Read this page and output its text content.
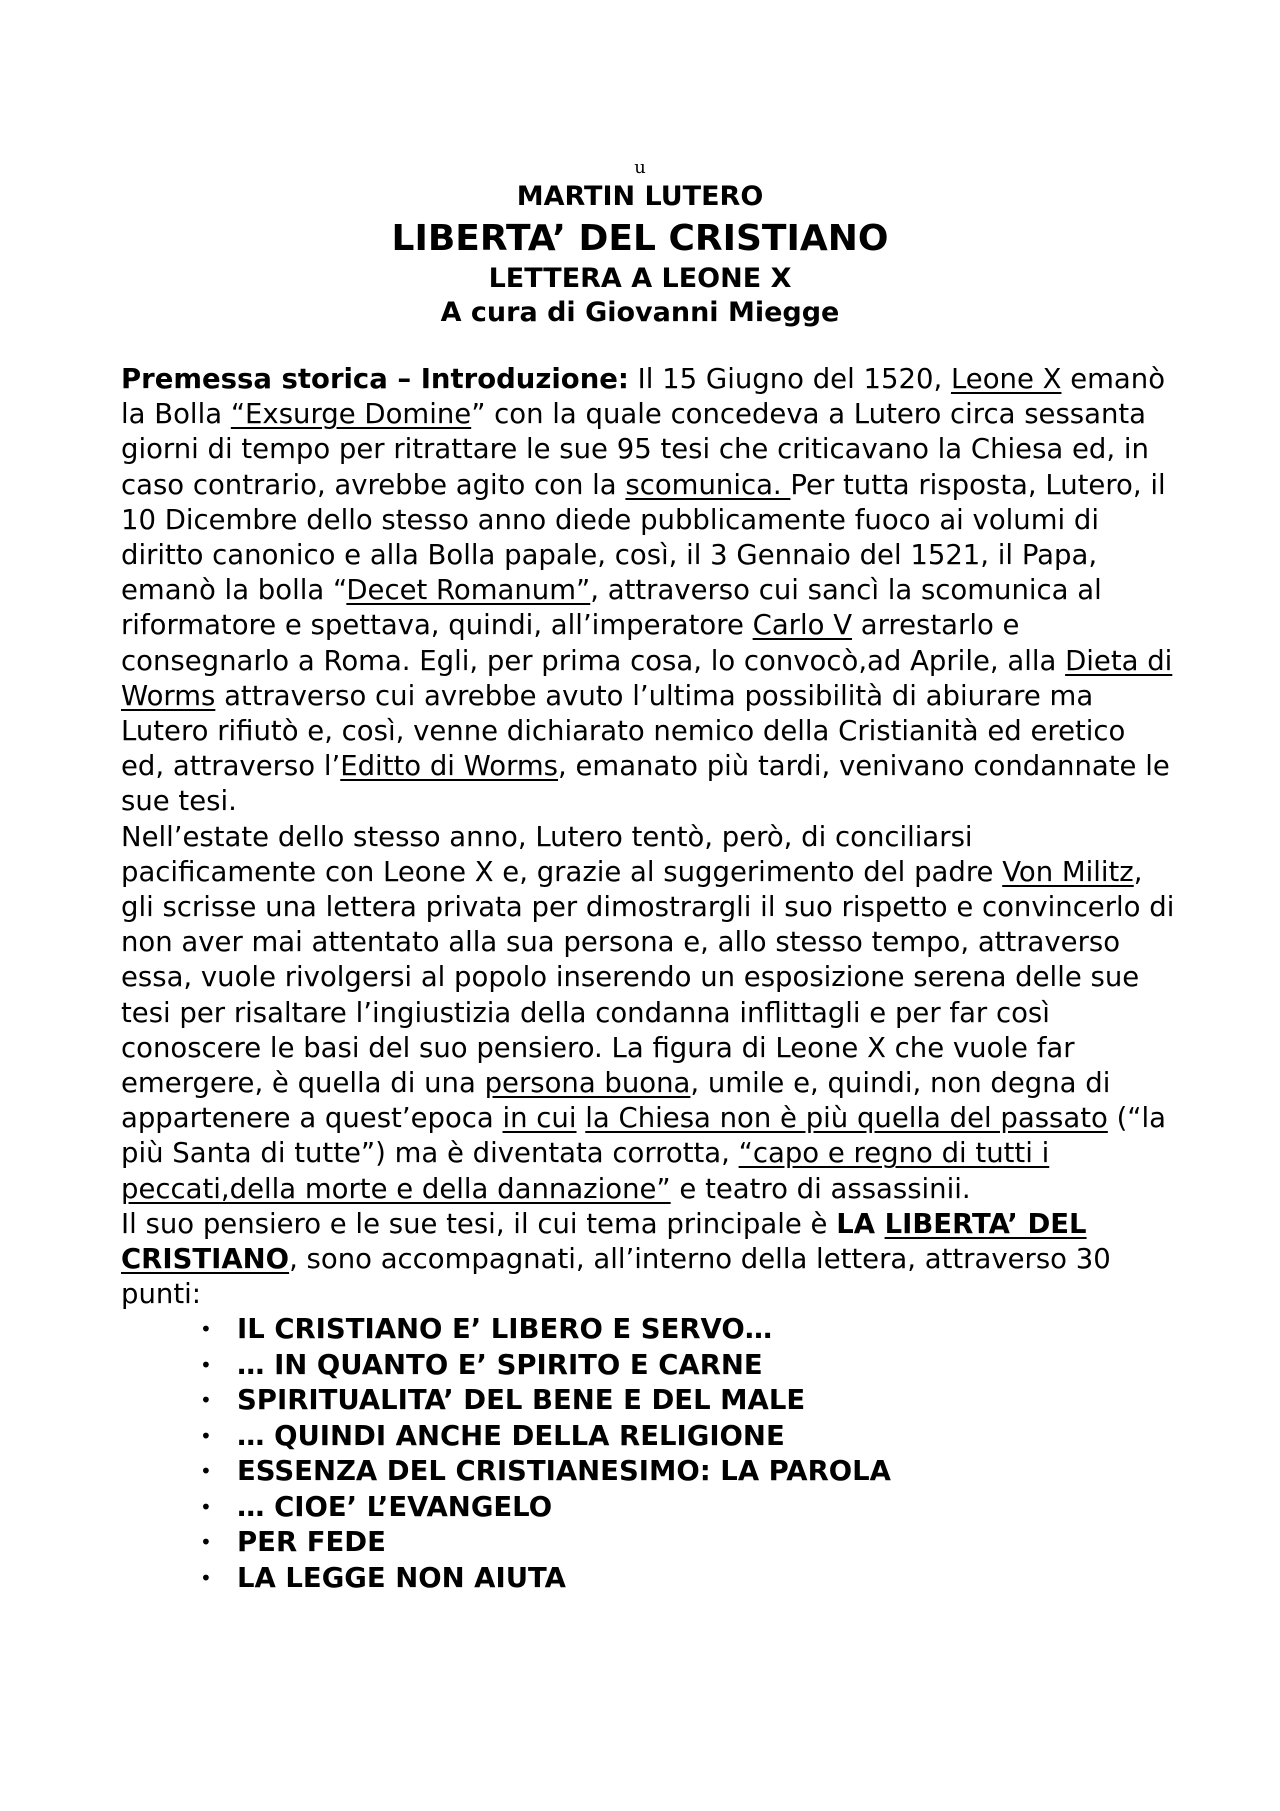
u
MARTIN LUTERO
LIBERTA’ DEL CRISTIANO
LETTERA A LEONE X
A cura di Giovanni Miegge

Premessa storica – Introduzione: Il 15 Giugno del 1520, Leone X emanò la Bolla “Exsurge Domine” con la quale concedeva a Lutero circa sessanta giorni di tempo per ritrattare le sue 95 tesi che criticavano la Chiesa ed, in caso contrario, avrebbe agito con la scomunica. Per tutta risposta, Lutero, il 10 Dicembre dello stesso anno diede pubblicamente fuoco ai volumi di diritto canonico e alla Bolla papale, così, il 3 Gennaio del 1521, il Papa, emanò la bolla “Decet Romanum”, attraverso cui sancì la scomunica al riformatore e spettava, quindi, all’imperatore Carlo V arrestarlo e consegnarlo a Roma. Egli, per prima cosa, lo convocò,ad Aprile, alla Dieta di Worms attraverso cui avrebbe avuto l’ultima possibilità di abiurare ma Lutero rifiutò e, così, venne dichiarato nemico della Cristianità ed eretico ed, attraverso l’Editto di Worms, emanato più tardi, venivano condannate le sue tesi.

Nell’estate dello stesso anno, Lutero tentò, però, di conciliarsi pacificamente con Leone X e, grazie al suggerimento del padre Von Militz, gli scrisse una lettera privata per dimostrargli il suo rispetto e convincerlo di non aver mai attentato alla sua persona e, allo stesso tempo, attraverso essa, vuole rivolgersi al popolo inserendo un esposizione serena delle sue tesi per risaltare l’ingiustizia della condanna inflittagli e per far così conoscere le basi del suo pensiero. La figura di Leone X che vuole far emergere, è quella di una persona buona, umile e, quindi, non degna di appartenere a quest’epoca in cui la Chiesa non è più quella del passato (“la più Santa di tutte”) ma è diventata corrotta, “capo e regno di tutti i peccati,della morte e della dannazione” e teatro di assassinii.

Il suo pensiero e le sue tesi, il cui tema principale è LA LIBERTA’ DEL CRISTIANO, sono accompagnati, all’interno della lettera, attraverso 30 punti:

• IL CRISTIANO E’ LIBERO E SERVO…
• … IN QUANTO E’ SPIRITO E CARNE
• SPIRITUALITA’ DEL BENE E DEL MALE
• … QUINDI ANCHE DELLA RELIGIONE
• ESSENZA DEL CRISTIANESIMO: LA PAROLA
• … CIOE’ L’EVANGELO
• PER FEDE
• LA LEGGE NON AIUTA
